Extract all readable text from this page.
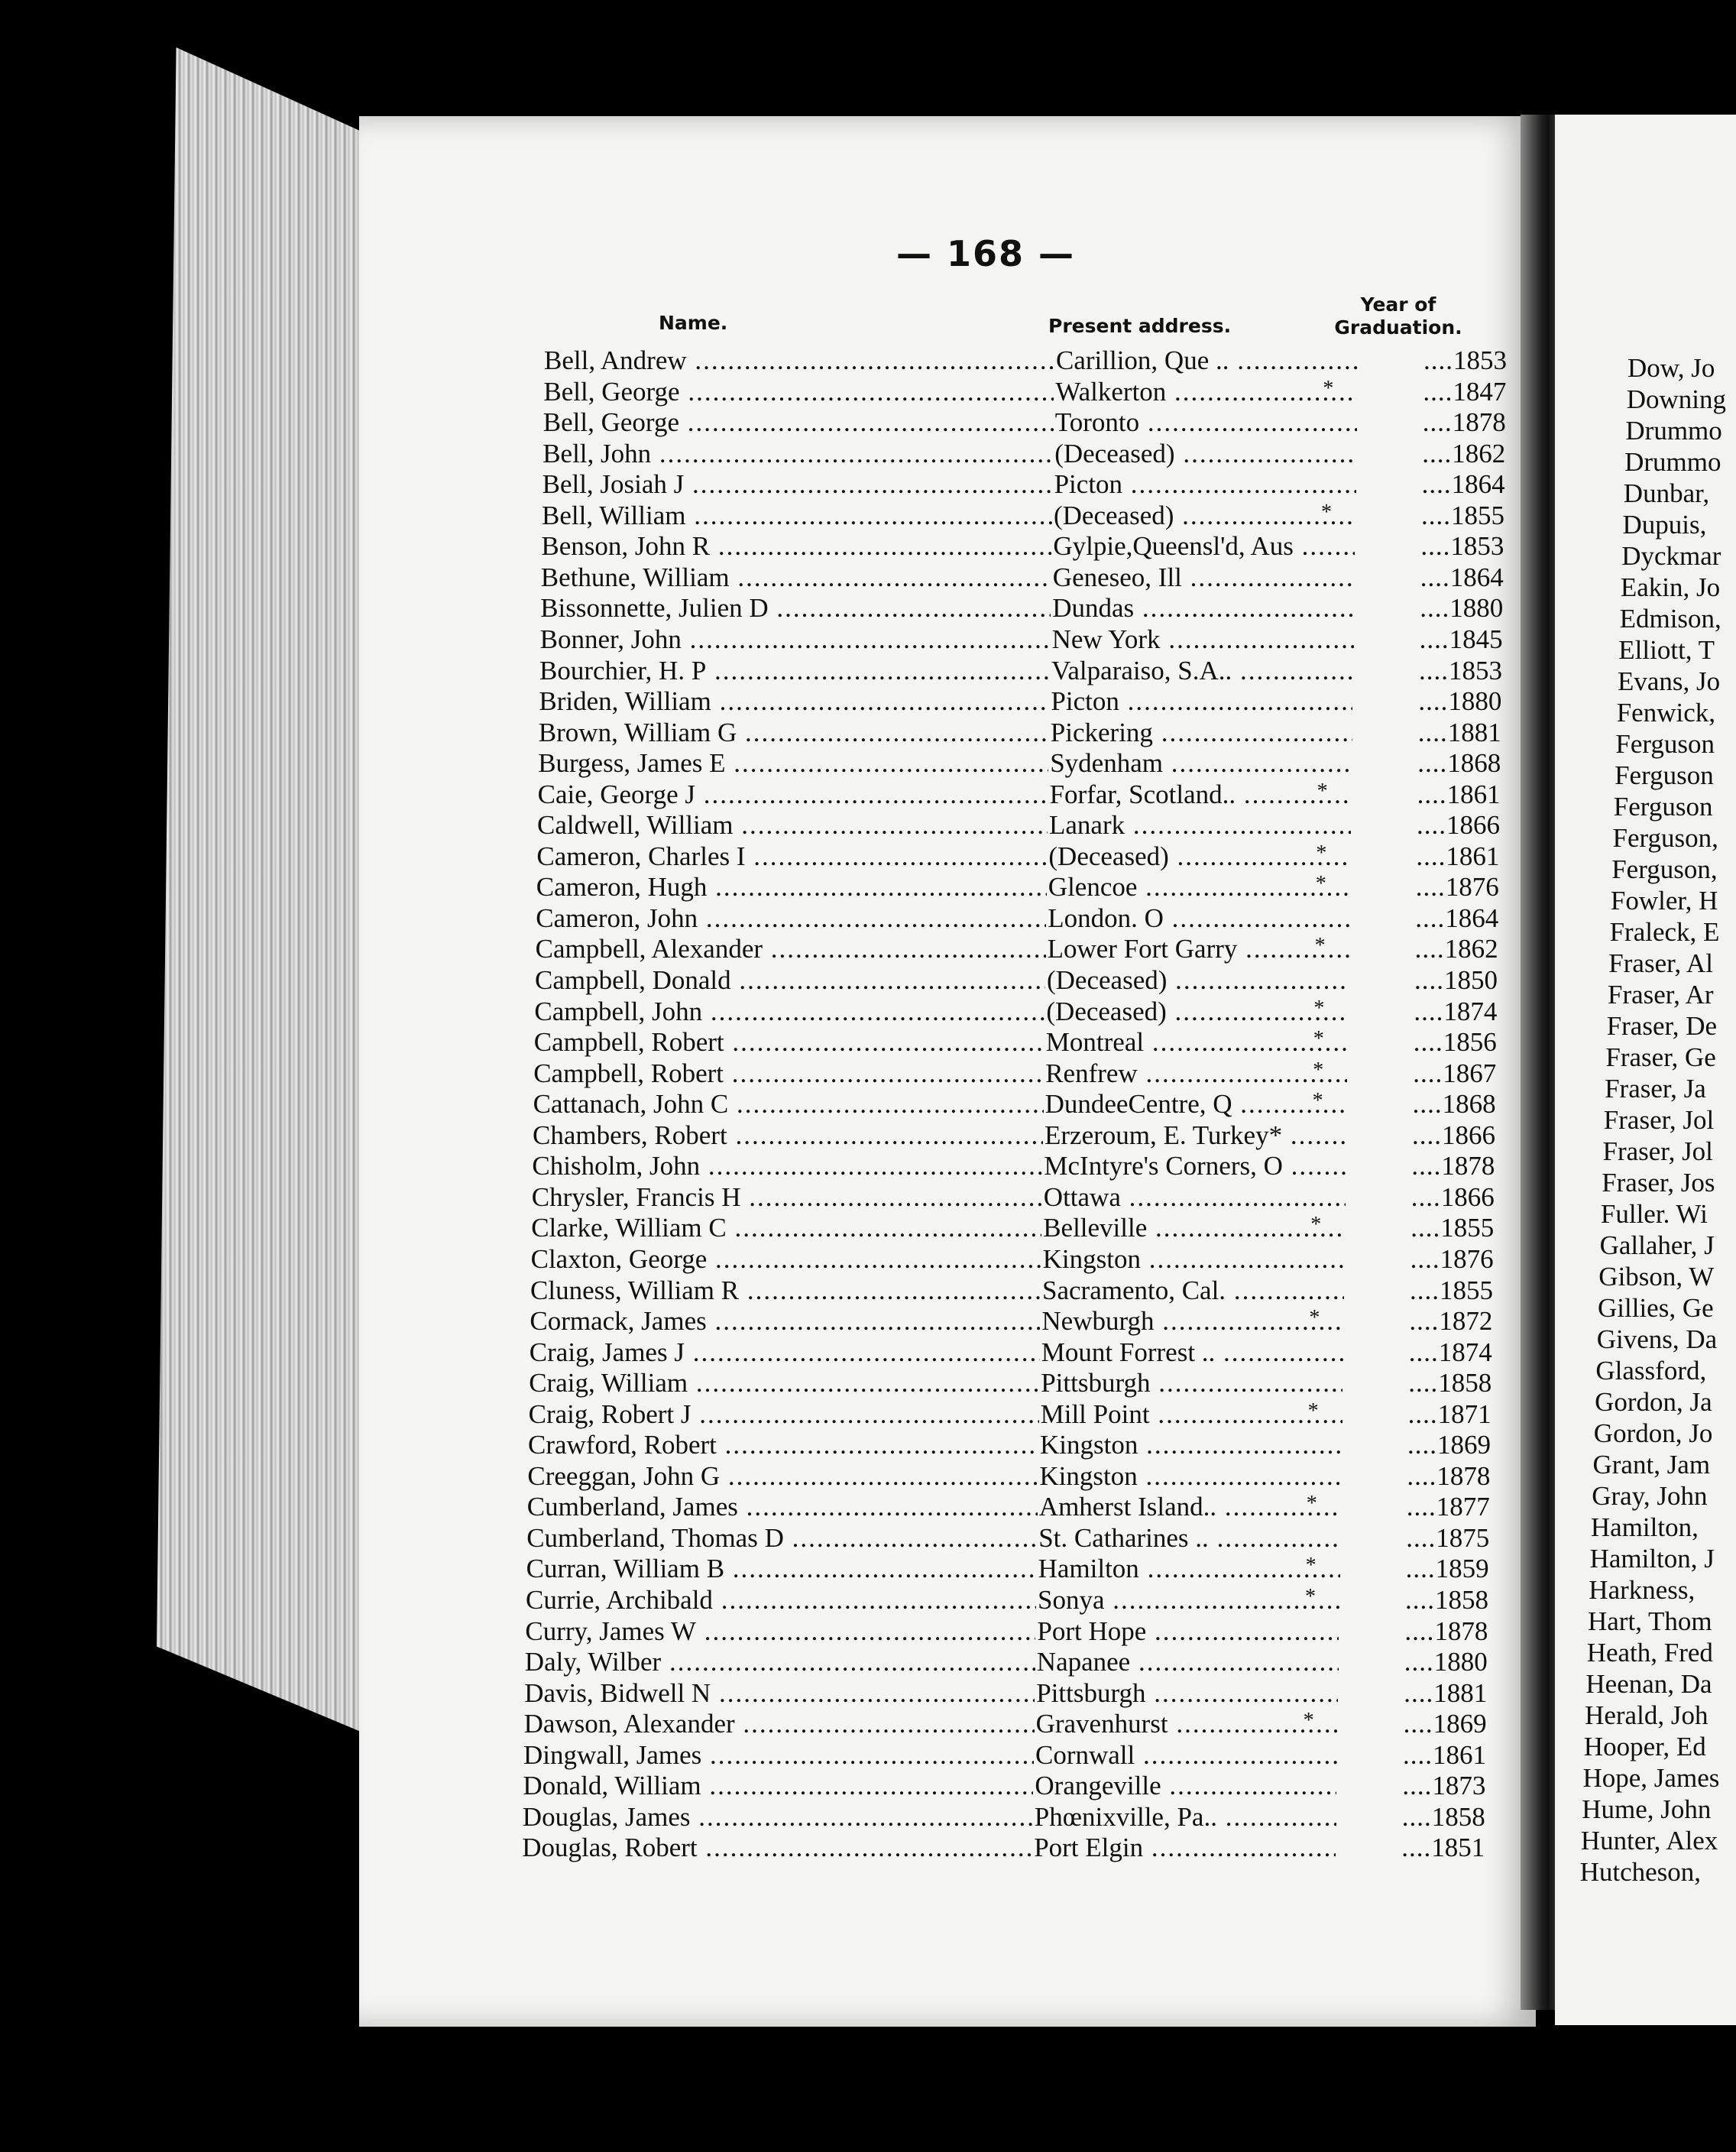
— 168 —
Name.	Present address.
Year of
Graduation.
Bell, Andrew .....	Carillion, Que .. .....	.... 1853
Bell, George .....	Walkerton .....	*	.... 1847
Bell, George .....	Toronto .....	.... 1878
Bell, John .....	(Deceased) .....	.... 1862
Bell, Josiah J .....	Picton .....	.... 1864
Bell, William .....	(Deceased) .....	*	.... 1855
Benson, John R .....	Gylpie,Queensl'd, Aus .....	.... 1853
Bethune, William .....	Geneseo, Ill .....	.... 1864
Bissonnette, Julien D .....	Dundas .....	.... 1880
Bonner, John .....	New York .....	.... 1845
Bourchier, H. P .....	Valparaiso, S.A.. .....	.... 1853
Briden, William .....	Picton .....	.... 1880
Brown, William G .....	Pickering .....	.... 1881
Burgess, James E .....	Sydenham .....	.... 1868
Caie, George J .....	Forfar, Scotland.. .....	*	.... 1861
Caldwell, William .....	Lanark .....	.... 1866
Cameron, Charles I .....	(Deceased) .....	*	.... 1861
Cameron, Hugh .....	Glencoe .....	*	.... 1876
Cameron, John .....	London. O .....	.... 1864
Campbell, Alexander .....	Lower Fort Garry .....	*	.... 1862
Campbell, Donald .....	(Deceased) .....	.... 1850
Campbell, John .....	(Deceased) .....	*	.... 1874
Campbell, Robert .....	Montreal .....	*	.... 1856
Campbell, Robert .....	Renfrew .....	*	.... 1867
Cattanach, John C .....	DundeeCentre, Q .....	*	.... 1868
Chambers, Robert .....	Erzeroum, E. Turkey* .....	.... 1866
Chisholm, John .....	McIntyre's Corners, O .....	.... 1878
Chrysler, Francis H .....	Ottawa .....	.... 1866
Clarke, William C .....	Belleville .....	*	.... 1855
Claxton, George .....	Kingston .....	.... 1876
Cluness, William R .....	Sacramento, Cal. .....	.... 1855
Cormack, James .....	Newburgh .....	*	.... 1872
Craig, James J .....	Mount Forrest .. .....	.... 1874
Craig, William .....	Pittsburgh .....	.... 1858
Craig, Robert J .....	Mill Point .....	*	.... 1871
Crawford, Robert .....	Kingston .....	.... 1869
Creeggan, John G .....	Kingston .....	.... 1878
Cumberland, James .....	Amherst Island.. .....	*	.... 1877
Cumberland, Thomas D .....	St. Catharines .. .....	.... 1875
Curran, William B .....	Hamilton .....	*	.... 1859
Currie, Archibald .....	Sonya .....	*	.... 1858
Curry, James W .....	Port Hope .....	.... 1878
Daly, Wilber .....	Napanee .....	.... 1880
Davis, Bidwell N .....	Pittsburgh .....	.... 1881
Dawson, Alexander .....	Gravenhurst .....	*	.... 1869
Dingwall, James .....	Cornwall .....	.... 1861
Donald, William .....	Orangeville .....	.... 1873
Douglas, James .....	Phœnixville, Pa.. .....	.... 1858
Douglas, Robert .....	Port Elgin .....	.... 1851
Dow, Jo
Downing
Drummo
Drummo
Dunbar,
Dupuis,
Dyckmar
Eakin, Jo
Edmison,
Elliott, T
Evans, Jo
Fenwick,
Ferguson
Ferguson
Ferguson
Ferguson,
Ferguson,
Fowler, H
Fraleck, E
Fraser, Al
Fraser, Ar
Fraser, De
Fraser, Ge
Fraser, Ja
Fraser, Jol
Fraser, Jol
Fraser, Jos
Fuller. Wi
Gallaher, J
Gibson, W
Gillies, Ge
Givens, Da
Glassford,
Gordon, Ja
Gordon, Jo
Grant, Jam
Gray, John
Hamilton,
Hamilton, J
Harkness,
Hart, Thom
Heath, Fred
Heenan, Da
Herald, Joh
Hooper, Ed
Hope, James
Hume, John
Hunter, Alex
Hutcheson,
